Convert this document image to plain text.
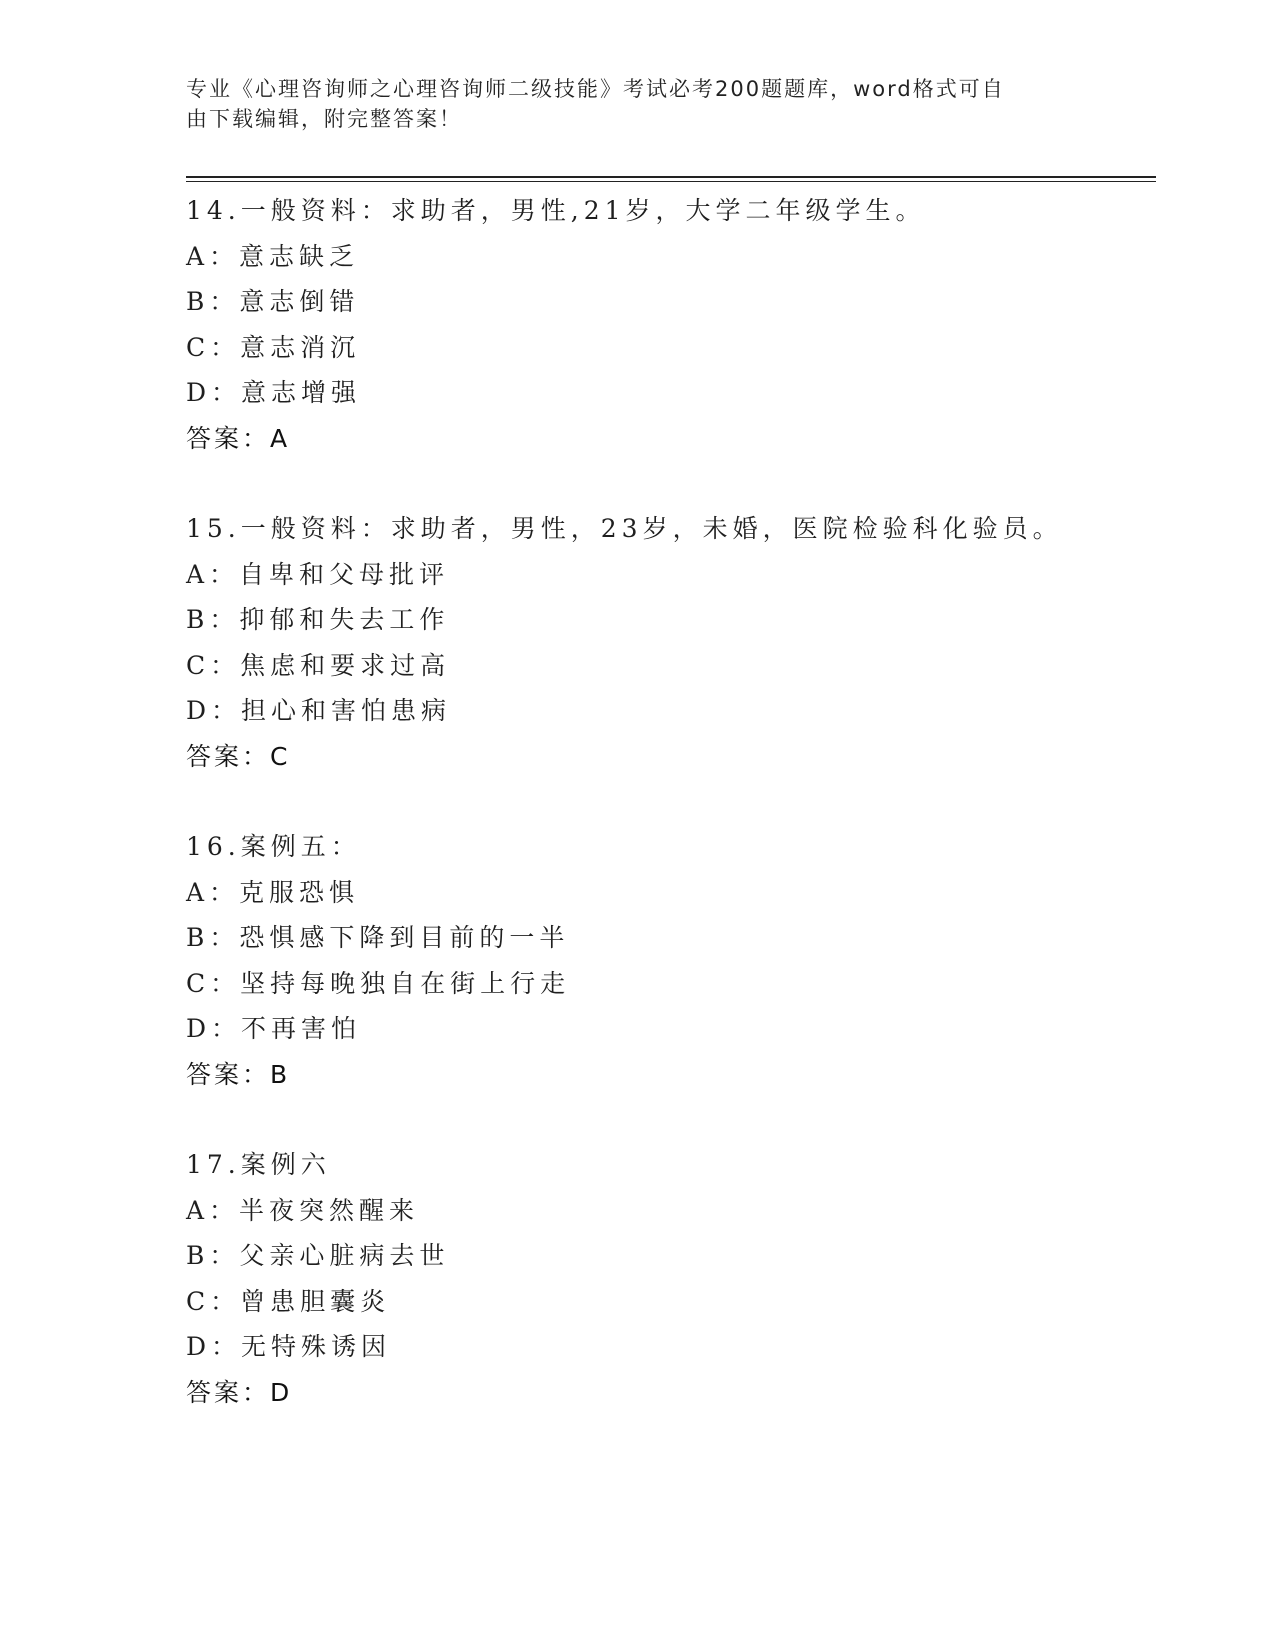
专业《心理咨询师之心理咨询师二级技能》考试必考200题题库，word格式可自
由下载编辑，附完整答案！
14.一般资料：求助者，男性,21岁，大学二年级学生。
A：意志缺乏
B：意志倒错
C：意志消沉
D：意志增强
答案：A
15.一般资料：求助者，男性，23岁，未婚，医院检验科化验员。
A：自卑和父母批评
B：抑郁和失去工作
C：焦虑和要求过高
D：担心和害怕患病
答案：C
16.案例五：
A：克服恐惧
B：恐惧感下降到目前的一半
C：坚持每晚独自在街上行走
D：不再害怕
答案：B
17.案例六
A：半夜突然醒来
B：父亲心脏病去世
C：曾患胆囊炎
D：无特殊诱因
答案：D
